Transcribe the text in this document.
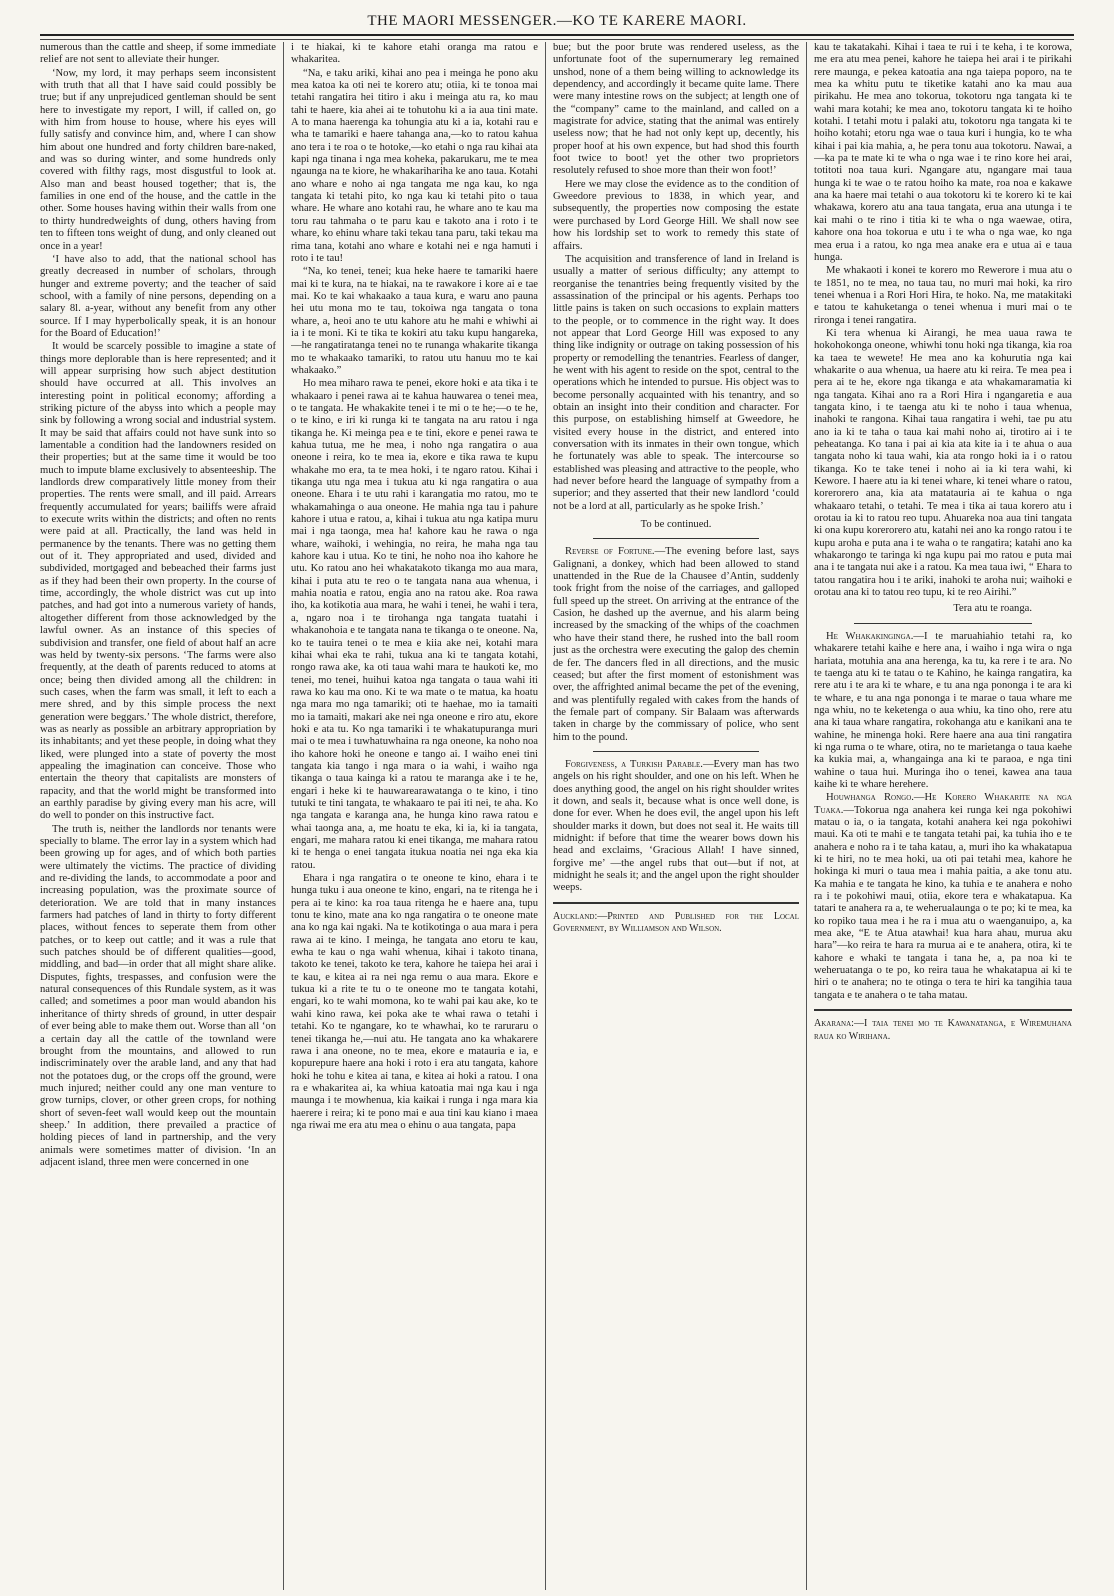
THE MAORI MESSENGER.—KO TE KARERE MAORI.

numerous than the cattle and sheep, if some immediate relief are not sent to alleviate their hunger.

‘Now, my lord, it may perhaps seem inconsistent with truth that all that I have said could possibly be true; but if any unprejudiced gentleman should be sent here to investigate my report, I will, if called on, go with him from house to house, where his eyes will fully satisfy and convince him, and, where I can show him about one hundred and forty children bare-naked, and was so during winter, and some hundreds only covered with filthy rags, most disgustful to look at. Also man and beast housed together; that is, the families in one end of the house, and the cattle in the other. Some houses having within their walls from one to thirty hundredweights of dung, others having from ten to fifteen tons weight of dung, and only cleaned out once in a year!

‘I have also to add, that the national school has greatly decreased in number of scholars, through hunger and extreme poverty; and the teacher of said school, with a family of nine persons, depending on a salary 8l. a-year, without any benefit from any other source. If I may hyperbolically speak, it is an honour for the Board of Education!’

It would be scarcely possible to imagine a state of things more deplorable than is here represented; and it will appear surprising how such abject destitution should have occurred at all. This involves an interesting point in political economy; affording a striking picture of the abyss into which a people may sink by following a wrong social and industrial system. It may be said that affairs could not have sunk into so lamentable a condition had the landowners resided on their properties; but at the same time it would be too much to impute blame exclusively to absenteeship. The landlords drew comparatively little money from their properties. The rents were small, and ill paid. Arrears frequently accumulated for years; bailiffs were afraid to execute writs within the districts; and often no rents were paid at all. Practically, the land was held in permanence by the tenants. There was no getting them out of it. They appropriated and used, divided and subdivided, mortgaged and bebeached their farms just as if they had been their own property. In the course of time, accordingly, the whole district was cut up into patches, and had got into a numerous variety of hands, altogether different from those acknowledged by the lawful owner. As an instance of this species of subdivision and transfer, one field of about half an acre was held by twenty-six persons. ‘The farms were also frequently, at the death of parents reduced to atoms at once; being then divided among all the children: in such cases, when the farm was small, it left to each a mere shred, and by this simple process the next generation were beggars.’ The whole district, therefore, was as nearly as possible an arbitrary appropriation by its inhabitants; and yet these people, in doing what they liked, were plunged into a state of poverty the most appealing the imagination can conceive. Those who entertain the theory that capitalists are monsters of rapacity, and that the world might be transformed into an earthly paradise by giving every man his acre, will do well to ponder on this instructive fact.

The truth is, neither the landlords nor tenants were specially to blame. The error lay in a system which had been growing up for ages, and of which both parties were ultimately the victims. The practice of dividing and re-dividing the lands, to accommodate a poor and increasing population, was the proximate source of deterioration. We are told that in many instances farmers had patches of land in thirty to forty different places, without fences to seperate them from other patches, or to keep out cattle; and it was a rule that such patches should be of different qualities—good, middling, and bad—in order that all might share alike. Disputes, fights, trespasses, and confusion were the natural consequences of this Rundale system, as it was called; and sometimes a poor man would abandon his inheritance of thirty shreds of ground, in utter despair of ever being able to make them out. Worse than all ‘on a certain day all the cattle of the townland were brought from the mountains, and allowed to run indiscriminately over the arable land, and any that had not the potatoes dug, or the crops off the ground, were much injured; neither could any one man venture to grow turnips, clover, or other green crops, for nothing short of seven-feet wall would keep out the mountain sheep.’ In addition, there prevailed a practice of holding pieces of land in partnership, and the very animals were sometimes matter of division. ‘In an adjacent island, three men were concerned in one

i te hiakai, ki te kahore etahi oranga ma ratou e whakaritea.

“Na, e taku ariki, kihai ano pea i meinga he pono aku mea katoa ka oti nei te korero atu; otiia, ki te tonoa mai tetahi rangatira hei titiro i aku i meinga atu ra, ko mau tahi te haere, kia ahei ai te tohutohu ki a ia aua tini mate. A to mana haerenga ka tohungia atu ki a ia, kotahi rau e wha te tamariki e haere tahanga ana,—ko to ratou kahua ano tera i te roa o te hotoke,—ko etahi o nga rau kihai ata kapi nga tinana i nga mea koheka, pakarukaru, me te mea ngaunga na te kiore, he whakarihariha ke ano taua. Kotahi ano whare e noho ai nga tangata me nga kau, ko nga tangata ki tetahi pito, ko nga kau ki tetahi pito o taua whare. He whare ano kotahi rau, he whare ano te kau ma toru rau tahmaha o te paru kau e takoto ana i roto i te whare, ko ehinu whare taki tekau tana paru, taki tekau ma rima tana, kotahi ano whare e kotahi nei e nga hamuti i roto i te tau!

“Na, ko tenei, tenei; kua heke haere te tamariki haere mai ki te kura, na te hiakai, na te rawakore i kore ai e tae mai. Ko te kai whakaako a taua kura, e waru ano pauna hei utu mona mo te tau, tokoiwa nga tangata o tona whare, a, heoi ano te utu kahore atu he mahi e whiwhi ai ia i te moni. Ki te tika te kokiri atu taku kupu hangareka,—he rangatiratanga tenei no te runanga whakarite tikanga mo te whakaako tamariki, to ratou utu hanuu mo te kai whakaako.”

Ho mea miharo rawa te penei, ekore hoki e ata tika i te whakaaro i penei rawa ai te kahua hauwarea o tenei mea, o te tangata. He whakakite tenei i te mi o te he;—o te he, o te kino, e iri ki runga ki te tangata na aru ratou i nga tikanga he. Ki meinga pea e te tini, ekore e penei rawa te kahua tutua, me he mea, i noho nga rangatira o aua oneone i reira, ko te mea ia, ekore e tika rawa te kupu whakahe mo era, ta te mea hoki, i te ngaro ratou. Kihai i tikanga utu nga mea i tukua atu ki nga rangatira o aua oneone. Ehara i te utu rahi i karangatia mo ratou, mo te whakamahinga o aua oneone. He mahia nga tau i pahure kahore i utua e ratou, a, kihai i tukua atu nga katipa muru mai i nga taonga, mea ha! kahore kau he rawa o nga whare, waihoki, i wehingia, no reira, he maha nga tau kahore kau i utua. Ko te tini, he noho noa iho kahore he utu. Ko ratou ano hei whakatakoto tikanga mo aua mara, kihai i puta atu te reo o te tangata nana aua whenua, i mahia noatia e ratou, engia ano na ratou ake. Roa rawa iho, ka kotikotia aua mara, he wahi i tenei, he wahi i tera, a, ngaro noa i te tirohanga nga tangata tuatahi i whakanohoia e te tangata nana te tikanga o te oneone. Na, ko te tauira tenei o te mea e kiia ake nei, kotahi mara kihai whai eka te rahi, tukua ana ki te tangata kotahi, rongo rawa ake, ka oti taua wahi mara te haukoti ke, mo tenei, mo tenei, huihui katoa nga tangata o taua wahi iti rawa ko kau ma ono. Ki te wa mate o te matua, ka hoatu nga mara mo nga tamariki; oti te haehae, mo ia tamaiti mo ia tamaiti, makari ake nei nga oneone e riro atu, ekore hoki e ata tu. Ko nga tamariki i te whakatupuranga muri mai o te mea i tuwhatuwhaina ra nga oneone, ka noho noa iho kahore hoki he oneone e tango ai. I waiho enei tini tangata kia tango i nga mara o ia wahi, i waiho nga tikanga o taua kainga ki a ratou te maranga ake i te he, engari i heke ki te hauwarearawatanga o te kino, i tino tutuki te tini tangata, te whakaaro te pai iti nei, te aha. Ko nga tangata e karanga ana, he hunga kino rawa ratou e whai taonga ana, a, me hoatu te eka, ki ia, ki ia tangata, engari, me mahara ratou ki enei tikanga, me mahara ratou ki te henga o enei tangata itukua noatia nei nga eka kia ratou.

Ehara i nga rangatira o te oneone te kino, ehara i te hunga tuku i aua oneone te kino, engari, na te ritenga he i pera ai te kino: ka roa taua ritenga he e haere ana, tupu tonu te kino, mate ana ko nga rangatira o te oneone mate ana ko nga kai ngaki. Na te kotikotinga o aua mara i pera rawa ai te kino. I meinga, he tangata ano etoru te kau, ewha te kau o nga wahi whenua, kihai i takoto tinana, takoto ke tenei, takoto ke tera, kahore he taiepa hei arai i te kau, e kitea ai ra nei nga remu o aua mara. Ekore e tukua ki a rite te tu o te oneone mo te tangata kotahi, engari, ko te wahi momona, ko te wahi pai kau ake, ko te wahi kino rawa, kei poka ake te whai rawa o tetahi i tetahi. Ko te ngangare, ko te whawhai, ko te raruraru o tenei tikanga he,—nui atu. He tangata ano ka whakarere rawa i ana oneone, no te mea, ekore e matauria e ia, e kopurepure haere ana hoki i roto i era atu tangata, kahore hoki he tohu e kitea ai tana, e kitea ai hoki a ratou. I ona ra e whakaritea ai, ka whiua katoatia mai nga kau i nga maunga i te mowhenua, kia kaikai i runga i nga mara kia haerere i reira; ki te pono mai e aua tini kau kiano i maea nga riwai me era atu mea o ehinu o aua tangata, papa

bue; but the poor brute was rendered useless, as the unfortunate foot of the supernumerary leg remained unshod, none of a them being willing to acknowledge its dependency, and accordingly it became quite lame. There were many intestine rows on the subject; at length one of the “company” came to the mainland, and called on a magistrate for advice, stating that the animal was entirely useless now; that he had not only kept up, decently, his proper hoof at his own expence, but had shod this fourth foot twice to boot! yet the other two proprietors resolutely refused to shoe more than their won foot!’

Here we may close the evidence as to the condition of Gweedore previous to 1838, in which year, and subsequently, the properties now composing the estate were purchased by Lord George Hill. We shall now see how his lordship set to work to remedy this state of affairs.

The acquisition and transference of land in Ireland is usually a matter of serious difficulty; any attempt to reorganise the tenantries being frequently visited by the assassination of the principal or his agents. Perhaps too little pains is taken on such occasions to explain matters to the people, or to commence in the right way. It does not appear that Lord George Hill was exposed to any thing like indignity or outrage on taking possession of his property or remodelling the tenantries. Fearless of danger, he went with his agent to reside on the spot, central to the operations which he intended to pursue. His object was to become personally acquainted with his tenantry, and so obtain an insight into their condition and character. For this purpose, on establishing himself at Gweedore, he visited every house in the district, and entered into conversation with its inmates in their own tongue, which he fortunately was able to speak. The intercourse so established was pleasing and attractive to the people, who had never before heard the language of sympathy from a superior; and they asserted that their new landlord ‘could not be a lord at all, particularly as he spoke Irish.’

To be continued.

Reverse of Fortune.—The evening before last, says Galignani, a donkey, which had been allowed to stand unattended in the Rue de la Chausee d’Antin, suddenly took fright from the noise of the carriages, and galloped full speed up the street. On arriving at the entrance of the Casion, he dashed up the avernue, and his alarm being increased by the smacking of the whips of the coachmen who have their stand there, he rushed into the ball room just as the orchestra were executing the galop des chemin de fer. The dancers fled in all directions, and the music ceased; but after the first moment of estonishment was over, the affrighted animal became the pet of the evening, and was plentifully regaled with cakes from the hands of the female part of company. Sir Balaam was afterwards taken in charge by the commissary of police, who sent him to the pound.

Forgiveness, a Turkish Parable.—Every man has two angels on his right shoulder, and one on his left. When he does anything good, the angel on his right shoulder writes it down, and seals it, because what is once well done, is done for ever. When he does evil, the angel upon his left shoulder marks it down, but does not seal it. He waits till midnight: if before that time the wearer bows down his head and exclaims, ‘Gracious Allah! I have sinned, forgive me’ —the angel rubs that out—but if not, at midnight he seals it; and the angel upon the right shoulder weeps.

Auckland:—Printed and Published for the Local Government, by Williamson and Wilson.

kau te takatakahi. Kihai i taea te rui i te keha, i te korowa, me era atu mea penei, kahore he taiepa hei arai i te pirikahi rere maunga, e pekea katoatia ana nga taiepa poporo, na te mea ka whitu putu te tiketike katahi ano ka mau aua pirikahu. He mea ano tokorua, tokotoru nga tangata ki te wahi mara kotahi; ke mea ano, tokotoru tangata ki te hoiho kotahi. I tetahi motu i palaki atu, tokotoru nga tangata ki te hoiho kotahi; etoru nga wae o taua kuri i hungia, ko te wha kihai i pai kia mahia, a, he pera tonu aua tokotoru. Nawai, a—ka pa te mate ki te wha o nga wae i te rino kore hei arai, totitoti noa taua kuri. Ngangare atu, ngangare mai taua hunga ki te wae o te ratou hoiho ka mate, roa noa e kakawe ana ka haere mai tetahi o aua tokotoru ki te korero ki te kai whakawa, korero atu ana taua tangata, erua ana utunga i te kai mahi o te rino i titia ki te wha o nga waewae, otira, kahore ona hoa tokorua e utu i te wha o nga wae, ko nga mea erua i a ratou, ko nga mea anake era e utua ai e taua hunga.

Me whakaoti i konei te korero mo Rewerore i mua atu o te 1851, no te mea, no taua tau, no muri mai hoki, ka riro tenei whenua i a Rori Hori Hira, te hoko. Na, me matakitaki e tatou te kahuketanga o tenei whenua i muri mai o te rironga i tenei rangatira.

Ki tera whenua ki Airangi, he mea uaua rawa te hokohokonga oneone, whiwhi tonu hoki nga tikanga, kia roa ka taea te wewete! He mea ano ka kohurutia nga kai whakarite o aua whenua, ua haere atu ki reira. Te mea pea i pera ai te he, ekore nga tikanga e ata whakamaramatia ki nga tangata. Kihai ano ra a Rori Hira i ngangaretia e aua tangata kino, i te taenga atu ki te noho i taua whenua, inahoki te rangona. Kihai taua rangatira i wehi, tae pu atu ano ia ki te taha o taua kai mahi noho ai, tirotiro ai i te peheatanga. Ko tana i pai ai kia ata kite ia i te ahua o aua tangata noho ki taua wahi, kia ata rongo hoki ia i o ratou tikanga. Ko te take tenei i noho ai ia ki tera wahi, ki Kewore. I haere atu ia ki tenei whare, ki tenei whare o ratou, korerorero ana, kia ata matatauria ai te kahua o nga whakaaro tetahi, o tetahi. Te mea i tika ai taua korero atu i orotau ia ki to ratou reo tupu. Ahuareka noa aua tini tangata ki ona kupu korerorero atu, katahi nei ano ka rongo ratou i te kupu aroha e puta ana i te waha o te rangatira; katahi ano ka whakarongo te taringa ki nga kupu pai mo ratou e puta mai ana i te tangata nui ake i a ratou. Ka mea taua iwi, “ Ehara to tatou rangatira hou i te ariki, inahoki te aroha nui; waihoki e orotau ana ki to tatou reo tupu, ki te reo Airihi.”

Tera atu te roanga.

He Whakakinginga.—I te maruahiahio tetahi ra, ko whakarere tetahi kaihe e here ana, i waiho i nga wira o nga hariata, motuhia ana ana herenga, ka tu, ka rere i te ara. No te taenga atu ki te tatau o te Kahino, he kainga rangatira, ka rere atu i te ara ki te whare, e tu ana nga pononga i te ara ki te whare, e tu ana nga pononga i te marae o taua whare me nga whiu, no te keketenga o aua whiu, ka tino oho, rere atu ana ki taua whare rangatira, rokohanga atu e kanikani ana te wahine, he minenga hoki. Rere haere ana aua tini rangatira ki nga ruma o te whare, otira, no te marietanga o taua kaehe ka kukia mai, a, whangainga ana ki te paraoa, e nga tini wahine o taua hui. Muringa iho o tenei, kawea ana taua kaihe ki te whare herehere.

Houwhanga Rongo.—He Korero Whakarite na nga Tuaka.—Tokorua nga anahera kei runga kei nga pokohiwi matau o ia, o ia tangata, kotahi anahera kei nga pokohiwi maui. Ka oti te mahi e te tangata tetahi pai, ka tuhia iho e te anahera e noho ra i te taha katau, a, muri iho ka whakatapua ki te hiri, no te mea hoki, ua oti pai tetahi mea, kahore he hokinga ki muri o taua mea i mahia paitia, a ake tonu atu. Ka mahia e te tangata he kino, ka tuhia e te anahera e noho ra i te pokohiwi maui, otiia, ekore tera e whakatapua. Ka tatari te anahera ra a, te weherualaunga o te po; ki te mea, ka ko ropiko taua mea i he ra i mua atu o waenganuipo, a, ka mea ake, “E te Atua atawhai! kua hara ahau, murua aku hara”—ko reira te hara ra murua ai e te anahera, otira, ki te kahore e whaki te tangata i tana he, a, pa noa ki te weheruatanga o te po, ko reira taua he whakatapua ai ki te hiri o te anahera; no te otinga o tera te hiri ka tangihia taua tangata e te anahera o te taha matau.

Akarana:—I taia tenei mo te Kawanatanga, e Wiremuhana raua ko Wirihana.
